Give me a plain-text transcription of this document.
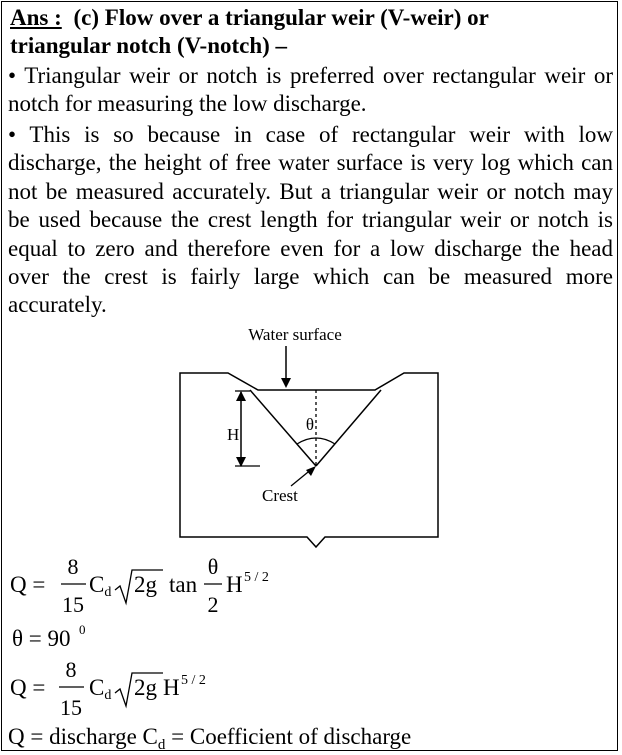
Ans : (c) Flow over a triangular weir (V-weir) or
triangular notch (V-notch) –
• Triangular weir or notch is preferred over rectangular weir or notch for measuring the low discharge.
• This is so because in case of rectangular weir with low discharge, the height of free water surface is very log which can not be measured accurately. But a triangular weir or notch may be used because the crest length for triangular weir or notch is equal to zero and therefore even for a low discharge the head over the crest is fairly large which can be measured more accurately.
Water surface
θ
H
Crest
Q =
8
15
Cd 2g tan
θ
2
H 5 / 2
θ = 90 0
Q =
8
15
Cd 2g H 5 / 2
Q = discharge $C_d$ = Coefficient of discharge
